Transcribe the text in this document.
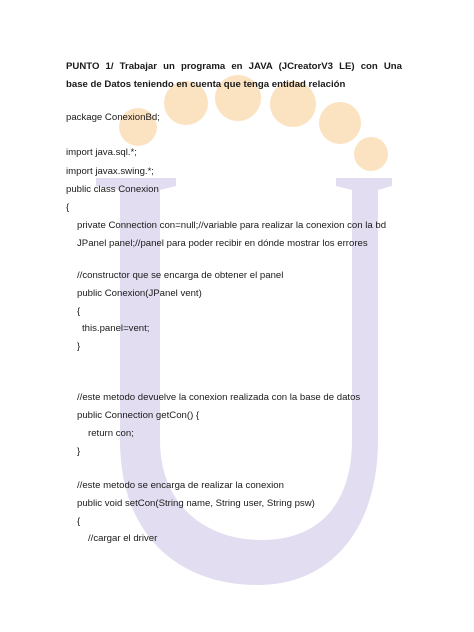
PUNTO 1/ Trabajar un programa en JAVA (JCreatorV3 LE) con Una
base de Datos teniendo en cuenta que tenga entidad relación
package ConexionBd;
import java.sql.*;
import javax.swing.*;
public class Conexion
{
private Connection con=null;//variable para realizar la conexion con la bd
JPanel panel;//panel para poder recibir en dónde mostrar los errores
//constructor que se encarga de obtener el panel
public Conexion(JPanel vent)
{
this.panel=vent;
}
//este metodo devuelve la conexion realizada con la base de datos
public Connection getCon() {
return con;
}
//este metodo se encarga de realizar la conexion
public void setCon(String name, String user, String psw)
{
//cargar el driver
